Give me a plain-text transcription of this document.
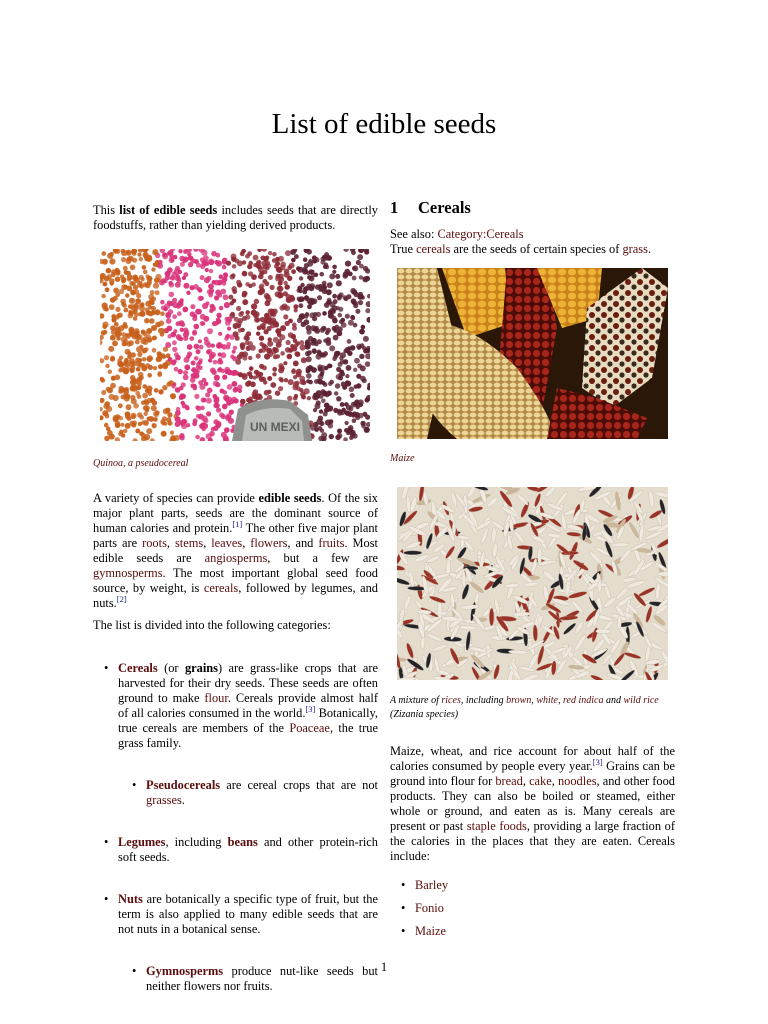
List of edible seeds

This list of edible seeds includes seeds that are directly foodstuffs, rather than yielding derived products.

UN MEXI
Quinoa, a pseudocereal

A variety of species can provide edible seeds. Of the six major plant parts, seeds are the dominant source of human calories and protein.[1] The other five major plant parts are roots, stems, leaves, flowers, and fruits. Most edible seeds are angiosperms, but a few are gymnosperms. The most important global seed food source, by weight, is cereals, followed by legumes, and nuts.[2]

The list is divided into the following categories:

• Cereals (or grains) are grass-like crops that are harvested for their dry seeds. These seeds are often ground to make flour. Cereals provide almost half of all calories consumed in the world.[3] Botanically, true cereals are members of the Poaceae, the true grass family.

• Pseudocereals are cereal crops that are not grasses.

• Legumes, including beans and other protein-rich soft seeds.

• Nuts are botanically a specific type of fruit, but the term is also applied to many edible seeds that are not nuts in a botanical sense.

• Gymnosperms produce nut-like seeds but neither flowers nor fruits.

1 Cereals

See also: Category:Cereals

True cereals are the seeds of certain species of grass.

Maize
A mixture of rices, including brown, white, red indica and wild rice (Zizania species)

Maize, wheat, and rice account for about half of the calories consumed by people every year.[3] Grains can be ground into flour for bread, cake, noodles, and other food products. They can also be boiled or steamed, either whole or ground, and eaten as is. Many cereals are present or past staple foods, providing a large fraction of the calories in the places that they are eaten. Cereals include:

• Barley
• Fonio
• Maize
1
